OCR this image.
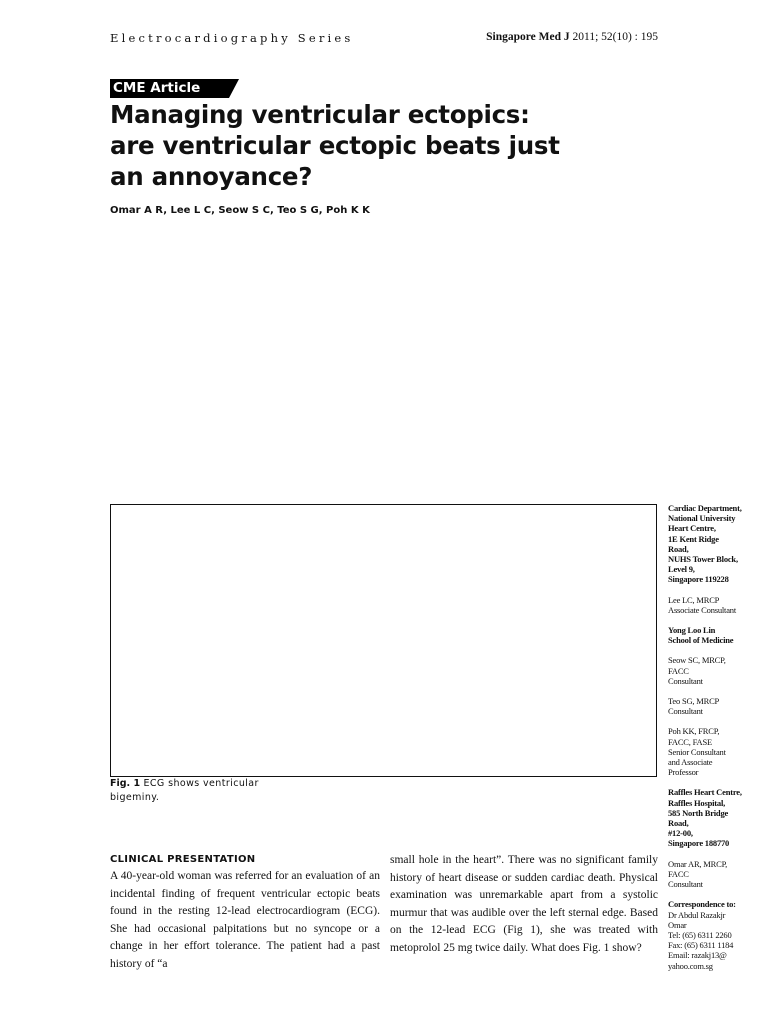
Electrocardiography Series	Singapore Med J 2011; 52(10) : 195
CME Article
Managing ventricular ectopics:
are ventricular ectopic beats just
an annoyance?
Omar A R, Lee L C, Seow S C, Teo S G, Poh K K
Fig. 1 ECG shows ventricular bigeminy.
Cardiac Department,
National University
Heart Centre,
1E Kent Ridge
Road,
NUHS Tower Block,
Level 9,
Singapore 119228
Lee LC, MRCP
Associate Consultant
Yong Loo Lin
School of Medicine
Seow SC, MRCP,
FACC
Consultant
Teo SG, MRCP
Consultant
Poh KK, FRCP,
FACC, FASE
Senior Consultant
and Associate
Professor
Raffles Heart Centre,
Raffles Hospital,
585 North Bridge
Road,
#12-00,
Singapore 188770
Omar AR, MRCP,
FACC
Consultant
Correspondence to:
Dr Abdul Razakjr
Omar
Tel: (65) 6311 2260
Fax: (65) 6311 1184
Email: razakj13@
yahoo.com.sg
CLINICAL PRESENTATION
A 40-year-old woman was referred for an evaluation of an incidental finding of frequent ventricular ectopic beats found in the resting 12-lead electrocardiogram (ECG). She had occasional palpitations but no syncope or a change in her effort tolerance. The patient had a past history of “a
small hole in the heart”. There was no significant family history of heart disease or sudden cardiac death. Physical examination was unremarkable apart from a systolic murmur that was audible over the left sternal edge. Based on the 12-lead ECG (Fig 1), she was treated with metoprolol 25 mg twice daily. What does Fig. 1 show?
